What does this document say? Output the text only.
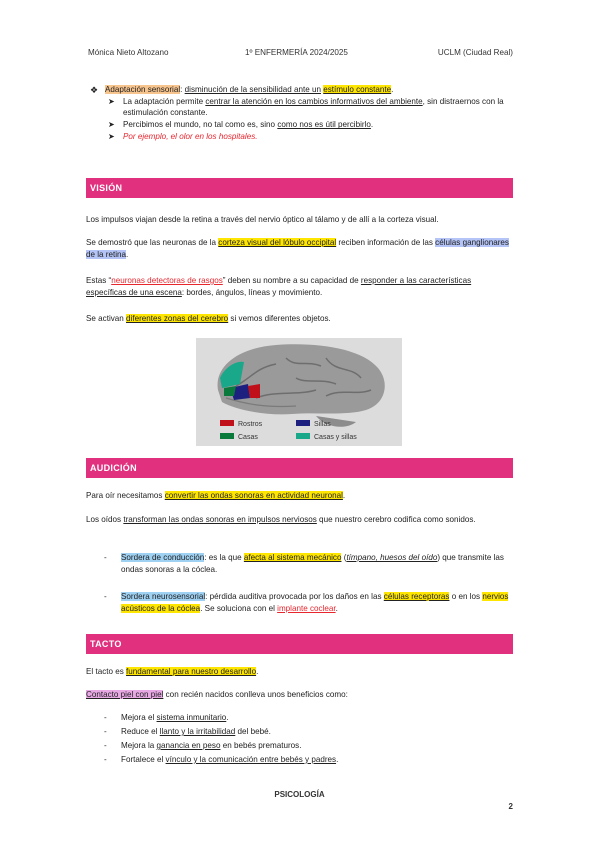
Mónica Nieto Altozano	1º ENFERMERÍA 2024/2025	UCLM (Ciudad Real)
❖ Adaptación sensorial: disminución de la sensibilidad ante un estímulo constante.
➤ La adaptación permite centrar la atención en los cambios informativos del ambiente, sin distraernos con la estimulación constante.
➤ Percibimos el mundo, no tal como es, sino como nos es útil percibirlo.
➤ Por ejemplo, el olor en los hospitales.
VISIÓN
Los impulsos viajan desde la retina a través del nervio óptico al tálamo y de allí a la corteza visual.
Se demostró que las neuronas de la corteza visual del lóbulo occipital reciben información de las células ganglionares de la retina.
Estas “neuronas detectoras de rasgos” deben su nombre a su capacidad de responder a las características específicas de una escena: bordes, ángulos, líneas y movimiento.
Se activan diferentes zonas del cerebro si vemos diferentes objetos.
AUDICIÓN
Para oír necesitamos convertir las ondas sonoras en actividad neuronal.
Los oídos transforman las ondas sonoras en impulsos nerviosos que nuestro cerebro codifica como sonidos.
- Sordera de conducción: es la que afecta al sistema mecánico (tímpano, huesos del oído) que transmite las ondas sonoras a la cóclea.
- Sordera neurosensorial: pérdida auditiva provocada por los daños en las células receptoras o en los nervios acústicos de la cóclea. Se soluciona con el implante coclear.
TACTO
El tacto es fundamental para nuestro desarrollo.
Contacto piel con piel con recién nacidos conlleva unos beneficios como:
- Mejora el sistema inmunitario.
- Reduce el llanto y la irritabilidad del bebé.
- Mejora la ganancia en peso en bebés prematuros.
- Fortalece el vínculo y la comunicación entre bebés y padres.
Rostros	Sillas
Casas	Casas y sillas
PSICOLOGÍA
2
